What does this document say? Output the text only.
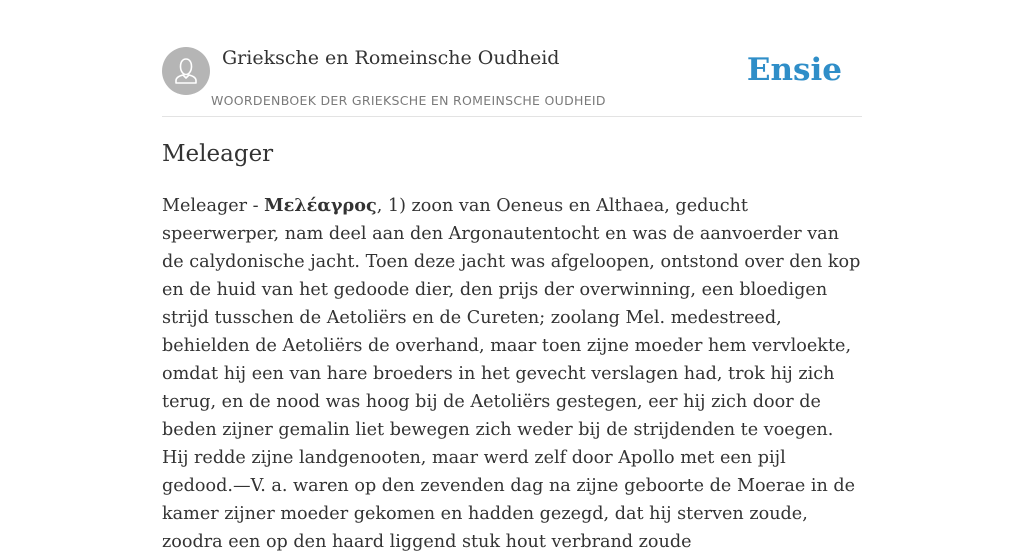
Grieksche en Romeinsche Oudheid
WOORDENBOEK DER GRIEKSCHE EN ROMEINSCHE OUDHEID
Ensie
Meleager

Meleager - Μελέαγρος, 1) zoon van Oeneus en Althaea, geducht speerwerper, nam deel aan den Argonautentocht en was de aanvoerder van de calydonische jacht. Toen deze jacht was afgeloopen, ontstond over den kop en de huid van het gedoode dier, den prijs der overwinning, een bloedigen strijd tusschen de Aetoliërs en de Cureten; zoolang Mel. medestreed, behielden de Aetoliërs de overhand, maar toen zijne moeder hem vervloekte, omdat hij een van hare broeders in het gevecht verslagen had, trok hij zich terug, en de nood was hoog bij de Aetoliërs gestegen, eer hij zich door de beden zijner gemalin liet bewegen zich weder bij de strijdenden te voegen. Hij redde zijne landgenooten, maar werd zelf door Apollo met een pijl gedood.—V. a. waren op den zevenden dag na zijne geboorte de Moerae in de kamer zijner moeder gekomen en hadden gezegd, dat hij sterven zoude, zoodra een op den haard liggend stuk hout verbrand zoude
